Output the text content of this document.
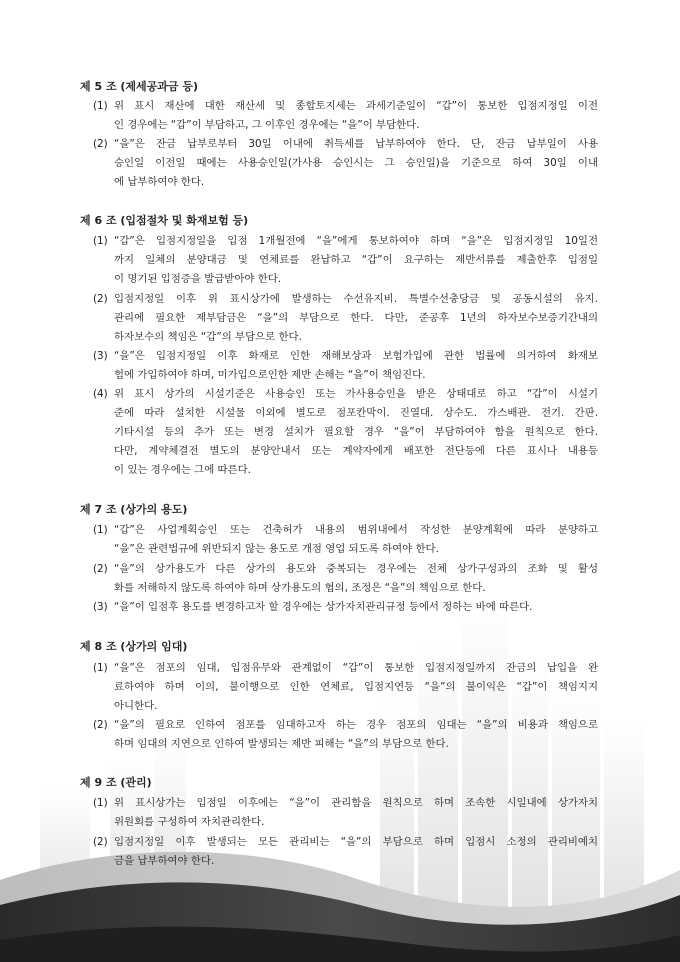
제 5 조 (제세공과금 등)
(1) 위 표시 재산에 대한 재산세 및 종합토지세는 과세기준일이 “갑”이 통보한 입점지정일 이전
인 경우에는 “갑”이 부담하고, 그 이후인 경우에는 “을”이 부담한다.
(2) “을”은 잔금 납부로부터 30일 이내에 취득세를 납부하여야 한다. 단, 잔금 납부일이 사용
승인일 이전일 때에는 사용승인일(가사용 승인시는 그 승인일)을 기준으로 하여 30일 이내
에 납부하여야 한다.
제 6 조 (입점절차 및 화재보험 등)
(1) “갑”은 입점지정일을 입점 1개월전에 “을”에게 통보하여야 하며 “을”은 입점지정일 10일전
까지 일체의 분양대금 및 연체료를 완납하고 “갑”이 요구하는 제반서류를 제출한후 입점일
이 명기된 입점증을 발급받아야 한다.
(2) 입점지정일 이후 위 표시상가에 발생하는 수선유지비. 특별수선충당금 및 공동시설의 유지.
관리에 필요한 제부담금은 “을”의 부담으로 한다. 다만, 준공후 1년의 하자보수보증기간내의
하자보수의 책임은 “갑”의 부담으로 한다.
(3) “을”은 입점지정일 이후 화재로 인한 재해보상과 보험가입에 관한 법률에 의거하여 화재보
험에 가입하여야 하며, 미가입으로인한 제반 손해는 “을”이 책임진다.
(4) 위 표시 상가의 시설기준은 사용승인 또는 가사용승인을 받은 상태대로 하고 “갑”이 시설기
준에 따라 설치한 시설물 이외에 별도로 점포칸막이. 진열대. 상수도. 가스배관. 전기. 간판.
기타시설 등의 추가 또는 변경 설치가 필요할 경우 “을”이 부담하여야 함을 원칙으로 한다.
다만, 계약체결전 별도의 분양안내서 또는 계약자에게 배포한 전단등에 다른 표시나 내용등
이 있는 경우에는 그에 따른다.
제 7 조 (상가의 용도)
(1) “갑”은 사업계획승인 또는 건축허가 내용의 범위내에서 작성한 분양계획에 따라 분양하고
“을”은 관련법규에 위반되지 않는 용도로 개점 영업 되도록 하여야 한다.
(2) “을”의 상가용도가 다른 상가의 용도와 중복되는 경우에는 전체 상가구성과의 조화 및 활성
화를 저해하지 않도록 하여야 하며 상가용도의 협의, 조정은 “을”의 책임으로 한다.
(3) “을”이 입점후 용도를 변경하고자 할 경우에는 상가자치관리규정 등에서 정하는 바에 따른다.
제 8 조 (상가의 임대)
(1) “을”은 점포의 임대, 입점유무와 관계없이 “갑”이 통보한 입점지정일까지 잔금의 납입을 완
료하여야 하며 이의, 불이행으로 인한 연체료, 입점지연등 “을”의 불이익은 “갑”이 책임지지
아니한다.
(2) “을”의 필요로 인하여 점포를 임대하고자 하는 경우 점포의 임대는 “을”의 비용과 책임으로
하며 임대의 지연으로 인하여 발생되는 제반 피해는 “을”의 부담으로 한다.
제 9 조 (관리)
(1) 위 표시상가는 입점일 이후에는 “을”이 관리함을 원칙으로 하며 조속한 시일내에 상가자치
위원회를 구성하여 자치관리한다.
(2) 입점지정일 이후 발생되는 모든 관리비는 “을”의 부담으로 하며 입점시 소정의 관리비예치
금을 납부하여야 한다.
